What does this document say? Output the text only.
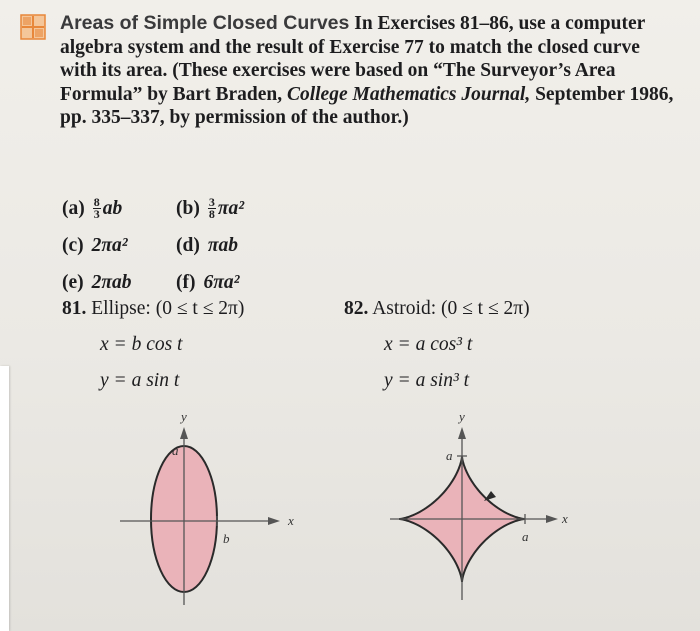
Areas of Simple Closed Curves In Exercises 81–86, use a computer algebra system and the result of Exercise 77 to match the closed curve with its area. (These exercises were based on “The Surveyor’s Area Formula” by Bart Braden, College Mathematics Journal, September 1986, pp. 335–337, by permission of the author.)
$(a) \frac{8}{3}$ ab	$(b) \frac{3}{8} \pi a^2$
(c) 2πa² (d) πab
(e) 2πab (f) 6πa²
81. Ellipse: (0 ≤ t ≤ 2π)
x = b cos t
y = a sin t
82. Astroid: (0 ≤ t ≤ 2π)
x = a cos³ t
y = a sin³ t
y
x
a
b
y
x
a
a
